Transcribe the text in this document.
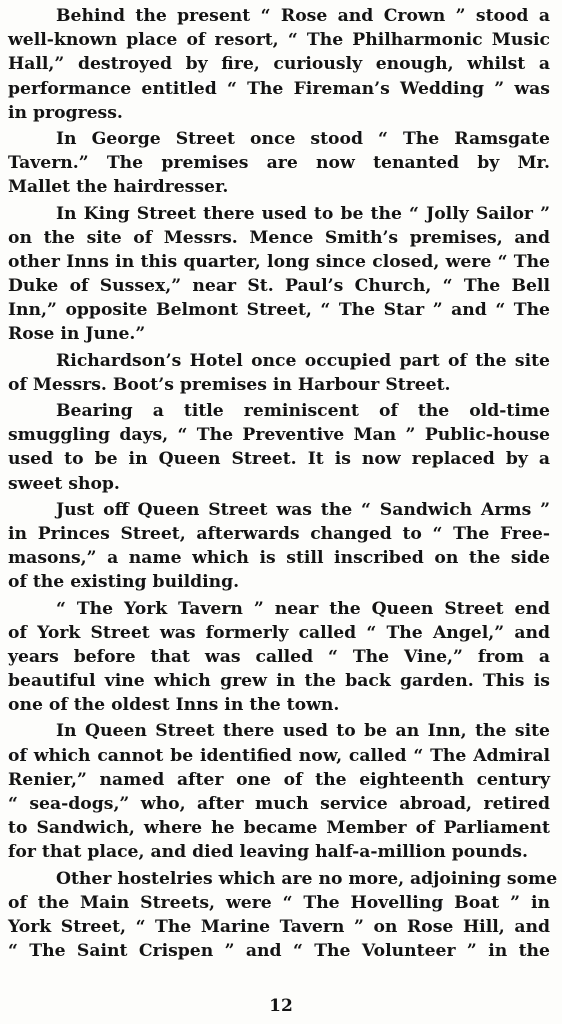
Behind the present “ Rose and Crown ” stood a
well-known place of resort, “ The Philharmonic Music
Hall,” destroyed by fire, curiously enough, whilst a
performance entitled “ The Fireman’s Wedding ” was
in progress.
In George Street once stood “ The Ramsgate
Tavern.” The premises are now tenanted by Mr.
Mallet the hairdresser.
In King Street there used to be the “ Jolly Sailor ”
on the site of Messrs. Mence Smith’s premises, and
other Inns in this quarter, long since closed, were “ The
Duke of Sussex,” near St. Paul’s Church, “ The Bell
Inn,” opposite Belmont Street, “ The Star ” and “ The
Rose in June.”
Richardson’s Hotel once occupied part of the site
of Messrs. Boot’s premises in Harbour Street.
Bearing a title reminiscent of the old-time
smuggling days, “ The Preventive Man ” Public-house
used to be in Queen Street. It is now replaced by a
sweet shop.
Just off Queen Street was the “ Sandwich Arms ”
in Princes Street, afterwards changed to “ The Free-
masons,” a name which is still inscribed on the side
of the existing building.
“ The York Tavern ” near the Queen Street end
of York Street was formerly called “ The Angel,” and
years before that was called “ The Vine,” from a
beautiful vine which grew in the back garden. This is
one of the oldest Inns in the town.
In Queen Street there used to be an Inn, the site
of which cannot be identified now, called “ The Admiral
Renier,” named after one of the eighteenth century
“ sea-dogs,” who, after much service abroad, retired
to Sandwich, where he became Member of Parliament
for that place, and died leaving half-a-million pounds.
Other hostelries which are no more, adjoining some
of the Main Streets, were “ The Hovelling Boat ” in
York Street, “ The Marine Tavern ” on Rose Hill, and
“ The Saint Crispen ” and “ The Volunteer ” in the
12
